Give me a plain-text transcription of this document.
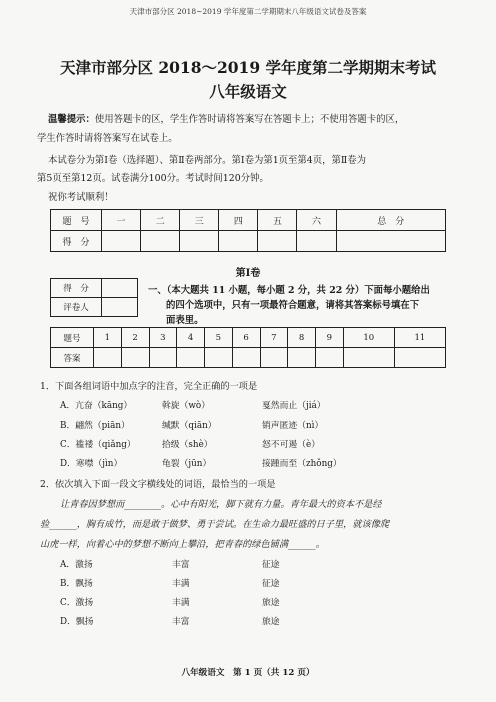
天津市部分区 2018~2019 学年度第二学期期末八年级语文试卷及答案
天津市部分区 2018～2019 学年度第二学期期末考试
八年级语文
温馨提示：使用答题卡的区，学生作答时请将答案写在答题卡上；不使用答题卡的区，
学生作答时请将答案写在试卷上。
本试卷分为第Ⅰ卷（选择题）、第Ⅱ卷两部分。第Ⅰ卷为第1页至第4页，第Ⅱ卷为
第5页至第12页。试卷满分100分。考试时间120分钟。
祝你考试顺利！
题　号	一	二	三	四	五	六	总　分
得　分							
第Ⅰ卷
得　分	
评卷人	
一、（本大题共 11 小题，每小题 2 分，共 22 分）下面每小题给出
的四个选项中，只有一项最符合题意，请将其答案标号填在下
面表里。
题号	1	2	3	4	5	6	7	8	9	10	11
答案											
1．下面各组词语中加点字的注音，完全正确的一项是
A．亢奋（kāng）	斡旋（wò）	戛然而止（jiá）
B．翩然（piān）	缄默（qiān）	销声匿迹（nì）
C．褴褛（qiǎng）	拾级（shè）	怒不可遏（è）
D．寒噤（jìn）	龟裂（jūn）	接踵而至（zhǒng）
2．依次填入下面一段文字横线处的词语，最恰当的一项是
让青春因梦想而________。心中有阳光，脚下就有力量。青年最大的资本不是经
验______，胸有成竹，而是敢于做梦、勇于尝试。在生命力最旺盛的日子里，就该像爬
山虎一样，向着心中的梦想不断向上攀沿，把青春的绿色铺满______。
A．激扬	丰富	征途
B．飘扬	丰满	征途
C．激扬	丰满	旅途
D．飘扬	丰富	旅途
八年级语文　第 1 页（共 12 页）
